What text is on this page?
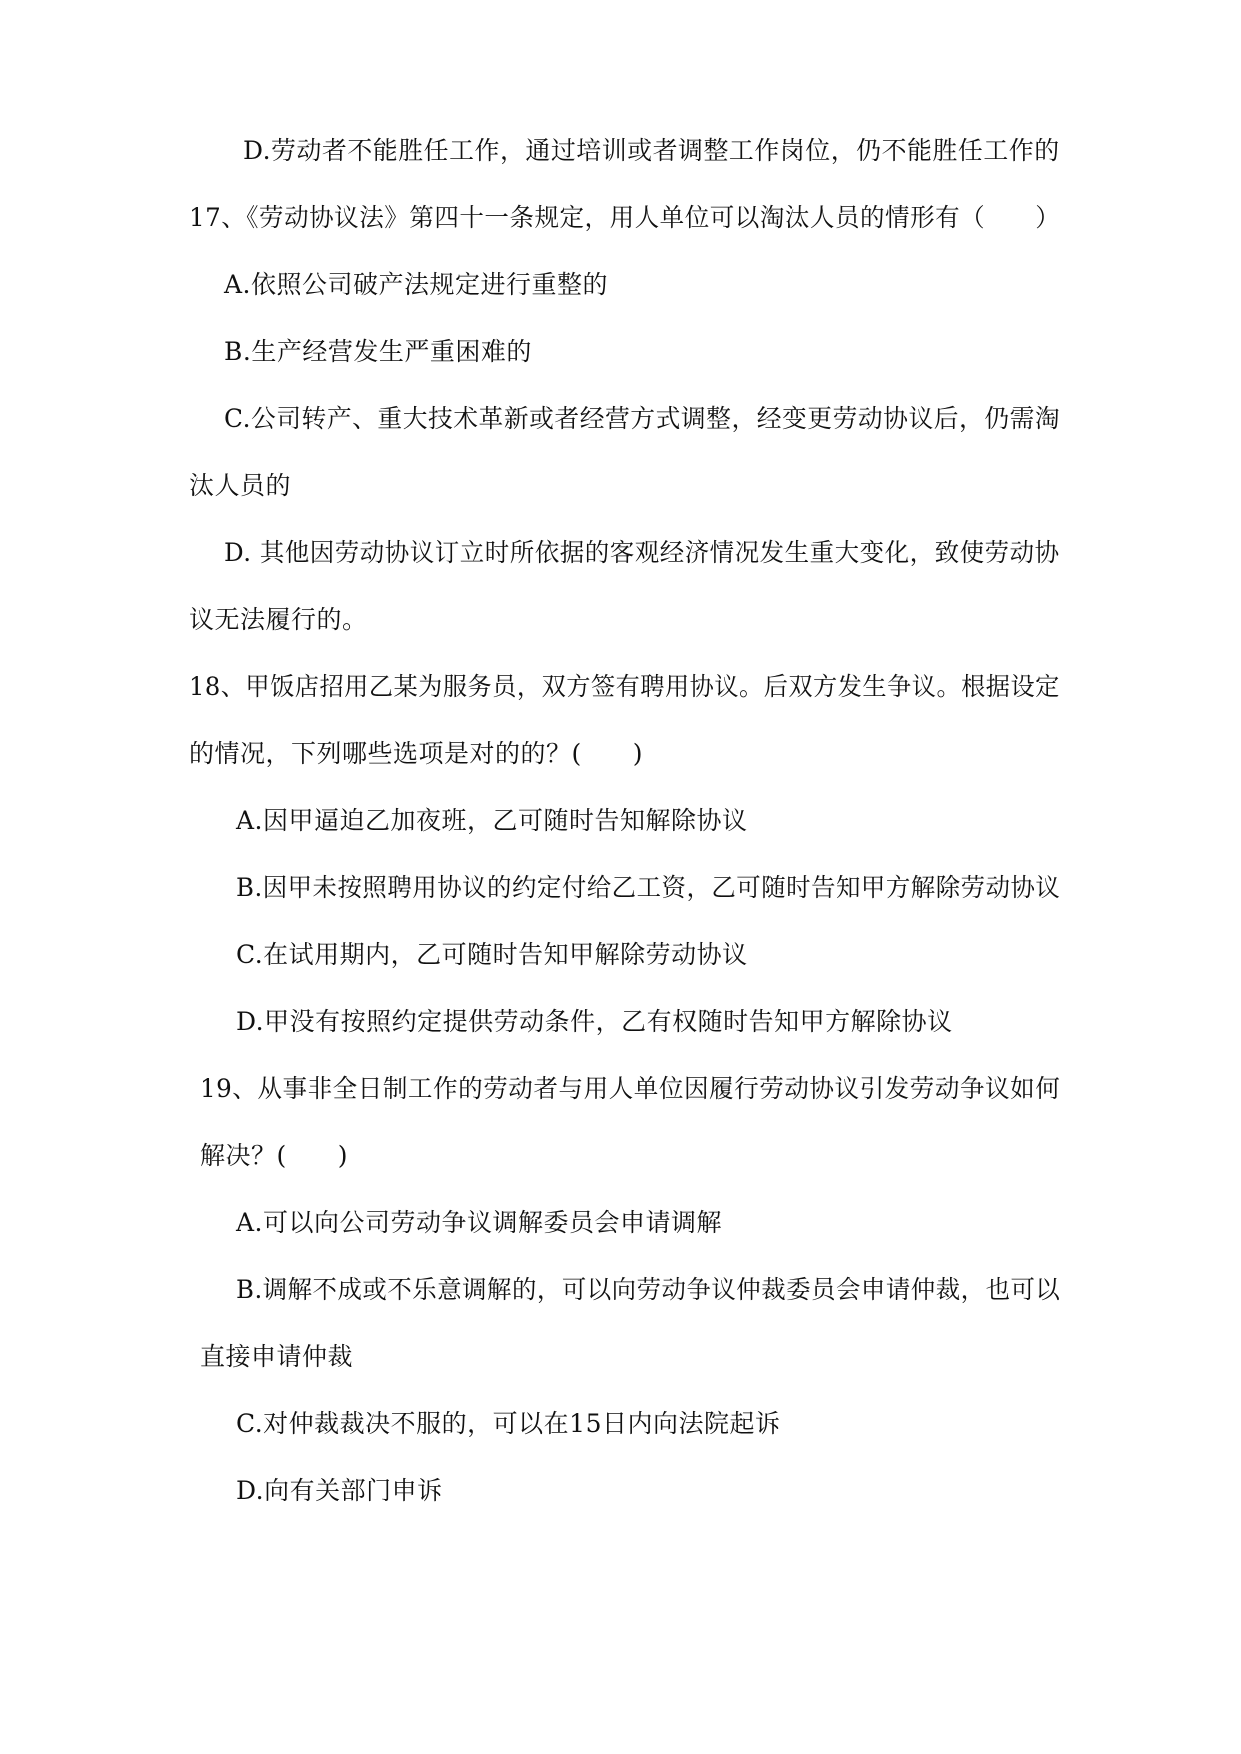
D.劳动者不能胜任工作，通过培训或者调整工作岗位，仍不能胜任工作的
17、《劳动协议法》第四十一条规定，用人单位可以淘汰人员的情形有（　　）
A.依照公司破产法规定进行重整的
B.生产经营发生严重困难的
C.公司转产、重大技术革新或者经营方式调整，经变更劳动协议后，仍需淘
汰人员的
D. 其他因劳动协议订立时所依据的客观经济情况发生重大变化，致使劳动协
议无法履行的。
18、甲饭店招用乙某为服务员，双方签有聘用协议。后双方发生争议。根据设定
的情况，下列哪些选项是对的的？(　　)
A.因甲逼迫乙加夜班，乙可随时告知解除协议
B.因甲未按照聘用协议的约定付给乙工资，乙可随时告知甲方解除劳动协议
C.在试用期内，乙可随时告知甲解除劳动协议
D.甲没有按照约定提供劳动条件，乙有权随时告知甲方解除协议
19、从事非全日制工作的劳动者与用人单位因履行劳动协议引发劳动争议如何
解决？(　　)
A.可以向公司劳动争议调解委员会申请调解
B.调解不成或不乐意调解的，可以向劳动争议仲裁委员会申请仲裁，也可以
直接申请仲裁
C.对仲裁裁决不服的，可以在15日内向法院起诉
D.向有关部门申诉
